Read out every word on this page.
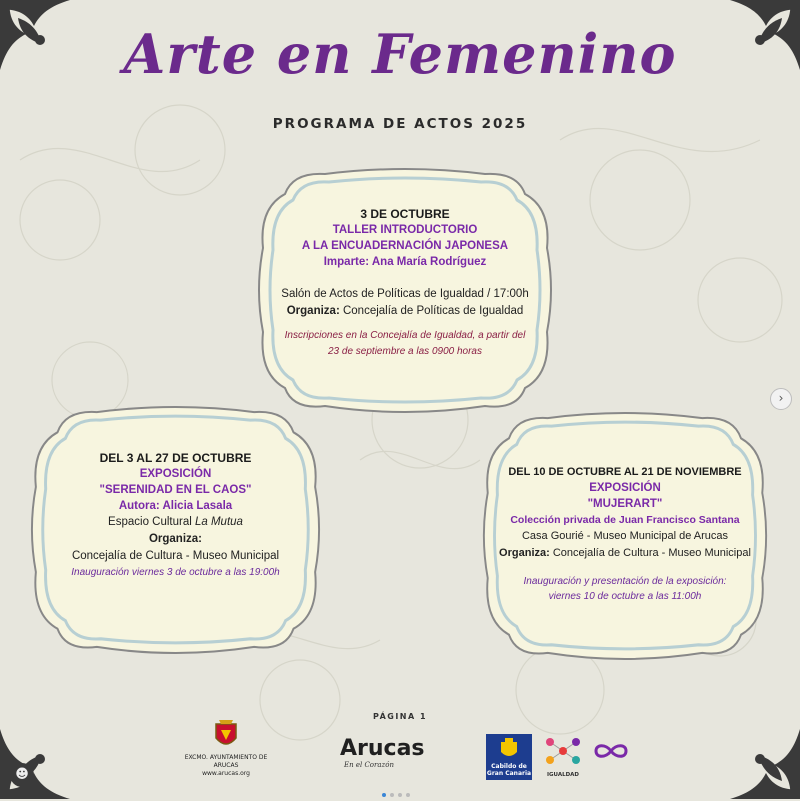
Arte en Femenino
PROGRAMA DE ACTOS 2025
3 DE OCTUBRE
TALLER INTRODUCTORIO
A LA ENCUADERNACIÓN JAPONESA
Imparte: Ana María Rodríguez
Salón de Actos de Políticas de Igualdad / 17:00h
Organiza: Concejalía de Políticas de Igualdad
Inscripciones en la Concejalía de Igualdad, a partir del
23 de septiembre a las 0900 horas
DEL 3 AL 27 DE OCTUBRE
EXPOSICIÓN
"SERENIDAD EN EL CAOS"
Autora: Alicia Lasala
Espacio Cultural La Mutua
Organiza:
Concejalía de Cultura - Museo Municipal
Inauguración viernes 3 de octubre a las 19:00h
DEL 10 DE OCTUBRE AL 21 DE NOVIEMBRE
EXPOSICIÓN
"MUJERART"
Colección privada de Juan Francisco Santana
Casa Gourié - Museo Municipal de Arucas
Organiza: Concejalía de Cultura - Museo Municipal
Inauguración y presentación de la exposición:
viernes 10 de octubre a las 11:00h
PÁGINA 1
EXCMO. AYUNTAMIENTO DE ARUCAS
www.arucas.org
Arucas
En el Corazón	Cabildo de
Gran Canaria	IGUALDAD
›
☻
